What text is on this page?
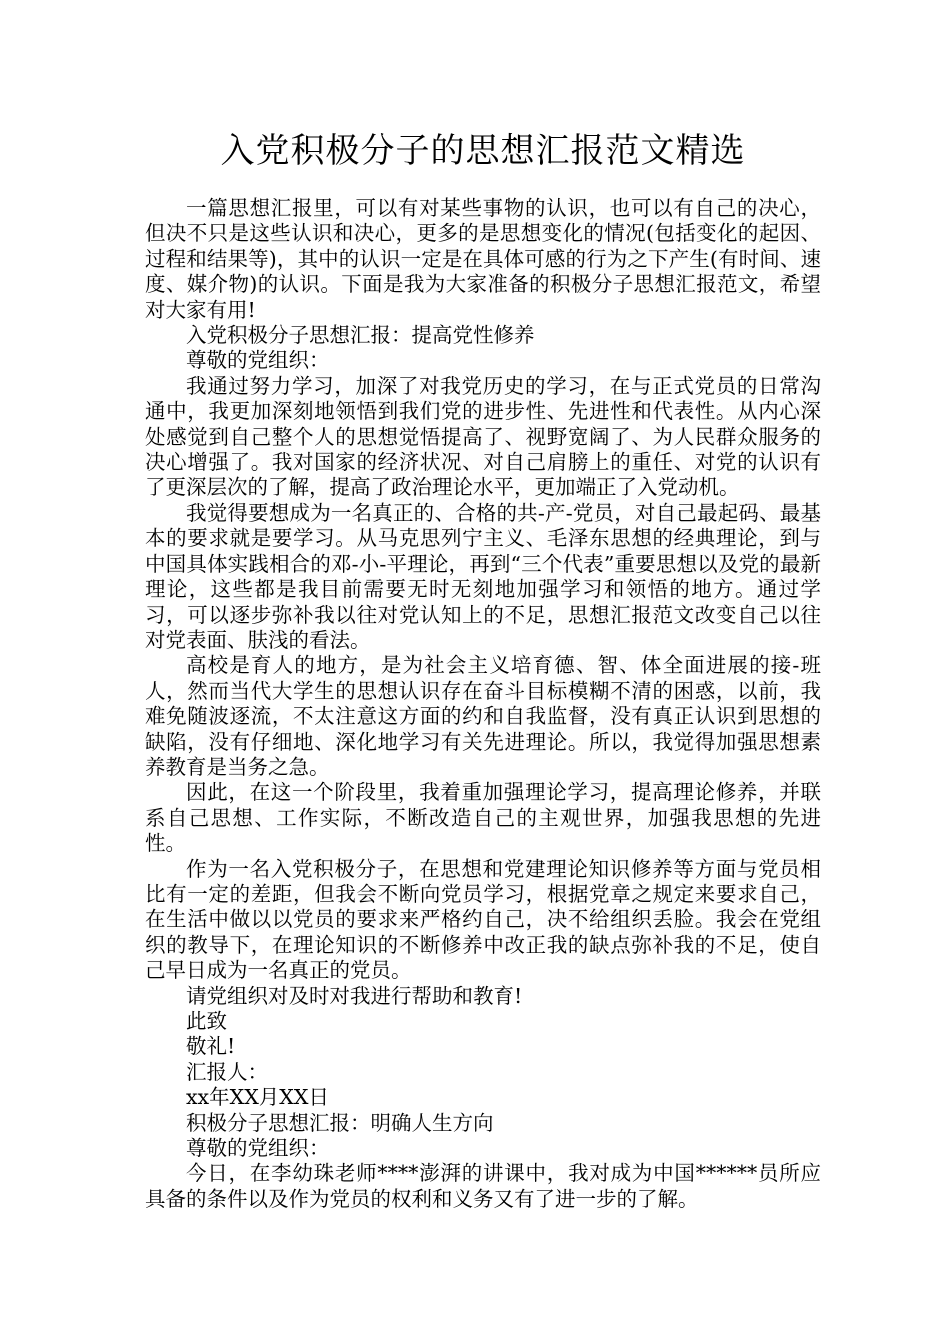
入党积极分子的思想汇报范文精选

一篇思想汇报里，可以有对某些事物的认识，也可以有自己的决心，但决不只是这些认识和决心，更多的是思想变化的情况(包括变化的起因、过程和结果等)，其中的认识一定是在具体可感的行为之下产生(有时间、速度、媒介物)的认识。下面是我为大家准备的积极分子思想汇报范文，希望对大家有用!

入党积极分子思想汇报：提高党性修养

尊敬的党组织：

我通过努力学习，加深了对我党历史的学习，在与正式党员的日常沟通中，我更加深刻地领悟到我们党的进步性、先进性和代表性。从内心深处感觉到自己整个人的思想觉悟提高了、视野宽阔了、为人民群众服务的决心增强了。我对国家的经济状况、对自己肩膀上的重任、对党的认识有了更深层次的了解，提高了政治理论水平，更加端正了入党动机。

我觉得要想成为一名真正的、合格的共-产-党员，对自己最起码、最基本的要求就是要学习。从马克思列宁主义、毛泽东思想的经典理论，到与中国具体实践相合的邓-小-平理论，再到“三个代表”重要思想以及党的最新理论，这些都是我目前需要无时无刻地加强学习和领悟的地方。通过学习，可以逐步弥补我以往对党认知上的不足，思想汇报范文改变自己以往对党表面、肤浅的看法。

高校是育人的地方，是为社会主义培育德、智、体全面进展的接-班人，然而当代大学生的思想认识存在奋斗目标模糊不清的困惑，以前，我难免随波逐流，不太注意这方面的约和自我监督，没有真正认识到思想的缺陷，没有仔细地、深化地学习有关先进理论。所以，我觉得加强思想素养教育是当务之急。

因此，在这一个阶段里，我着重加强理论学习，提高理论修养，并联系自己思想、工作实际，不断改造自己的主观世界，加强我思想的先进性。

作为一名入党积极分子，在思想和党建理论知识修养等方面与党员相比有一定的差距，但我会不断向党员学习，根据党章之规定来要求自己，在生活中做以以党员的要求来严格约自己，决不给组织丢脸。我会在党组织的教导下，在理论知识的不断修养中改正我的缺点弥补我的不足，使自己早日成为一名真正的党员。

请党组织对及时对我进行帮助和教育!

此致

敬礼!

汇报人：

xx年XX月XX日

积极分子思想汇报：明确人生方向

尊敬的党组织：

今日，在李幼珠老师****澎湃的讲课中，我对成为中国******员所应具备的条件以及作为党员的权利和义务又有了进一步的了解。
